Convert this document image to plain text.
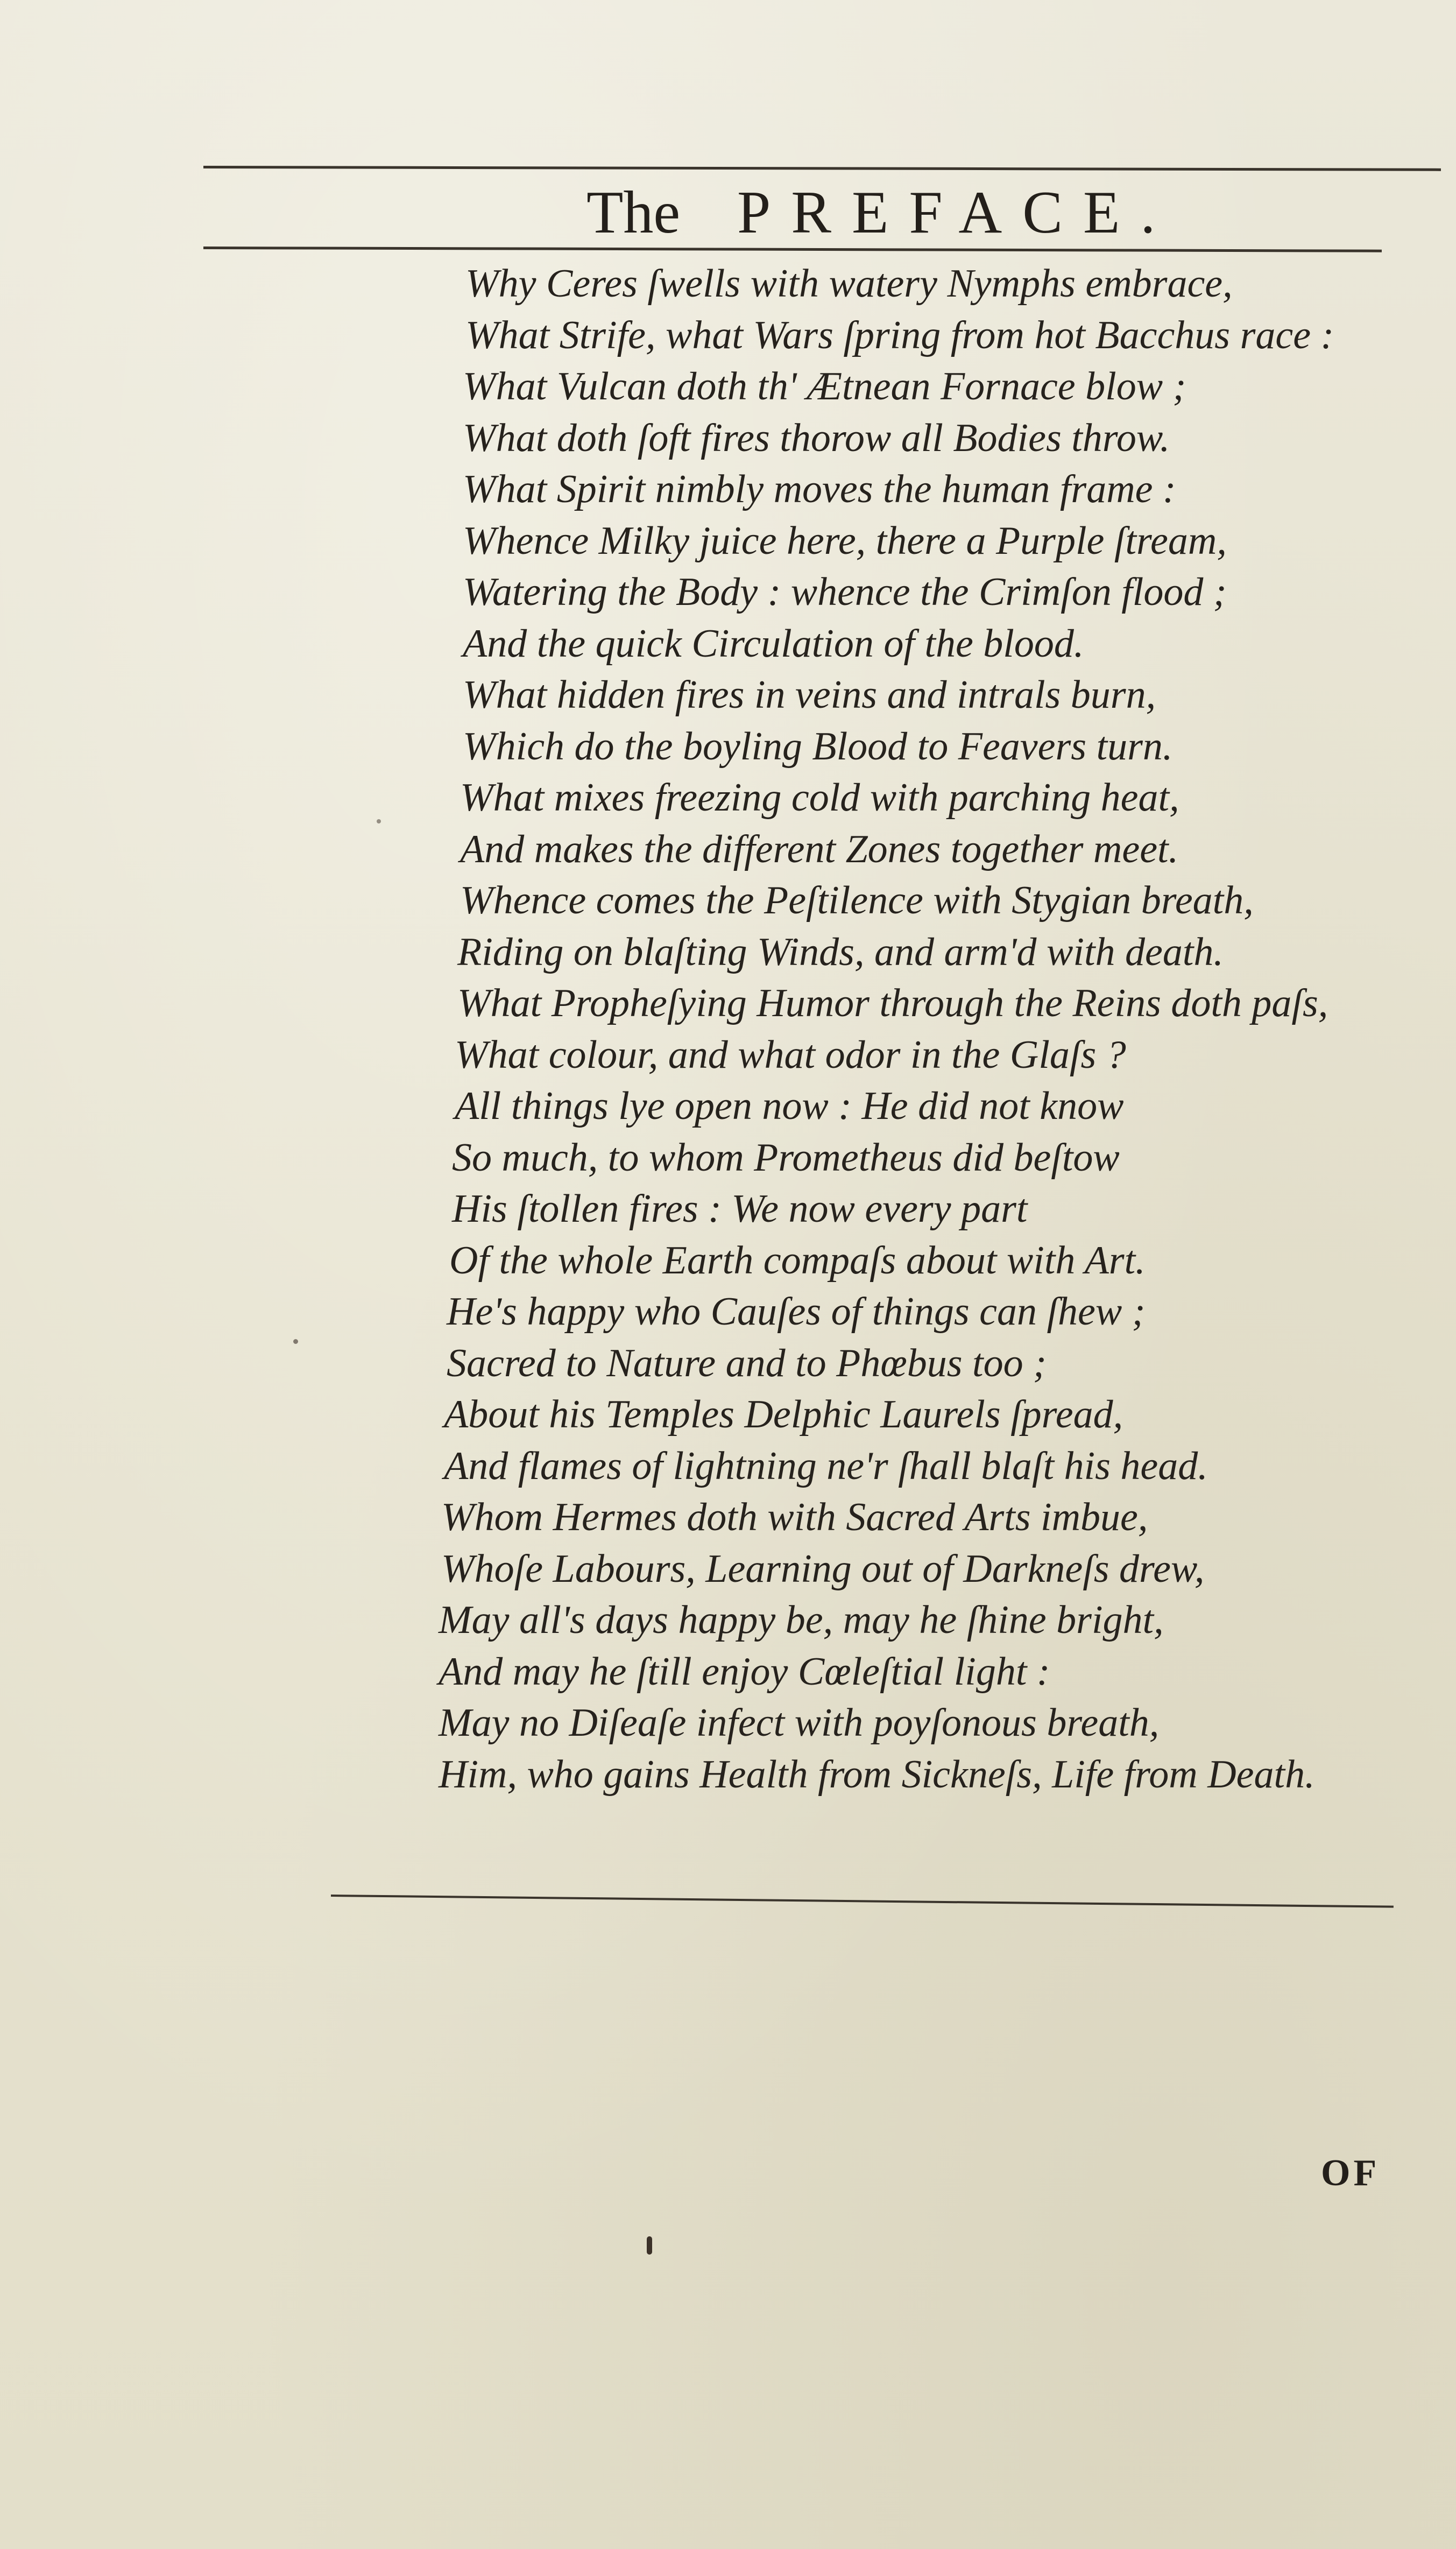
The PREFACE.
Why Ceres ſwells with watery Nymphs embrace,
What Strife, what Wars ſpring from hot Bacchus race :
What Vulcan doth th' Ætnean Fornace blow ;
What doth ſoft fires thorow all Bodies throw.
What Spirit nimbly moves the human frame :
Whence Milky juice here, there a Purple ſtream,
Watering the Body : whence the Crimſon flood ;
And the quick Circulation of the blood.
What hidden fires in veins and intrals burn,
Which do the boyling Blood to Feavers turn.
What mixes freezing cold with parching heat,
And makes the different Zones together meet.
Whence comes the Peſtilence with Stygian breath,
Riding on blaſting Winds, and arm'd with death.
What Propheſying Humor through the Reins doth paſs,
What colour, and what odor in the Glaſs ?
All things lye open now : He did not know
So much, to whom Prometheus did beſtow
His ſtollen fires : We now every part
Of the whole Earth compaſs about with Art.
He's happy who Cauſes of things can ſhew ;
Sacred to Nature and to Phœbus too ;
About his Temples Delphic Laurels ſpread,
And flames of lightning ne'r ſhall blaſt his head.
Whom Hermes doth with Sacred Arts imbue,
Whoſe Labours, Learning out of Darkneſs drew,
May all's days happy be, may he ſhine bright,
And may he ſtill enjoy Cœleſtial light :
May no Diſeaſe infect with poyſonous breath,
Him, who gains Health from Sickneſs, Life from Death.
OF
